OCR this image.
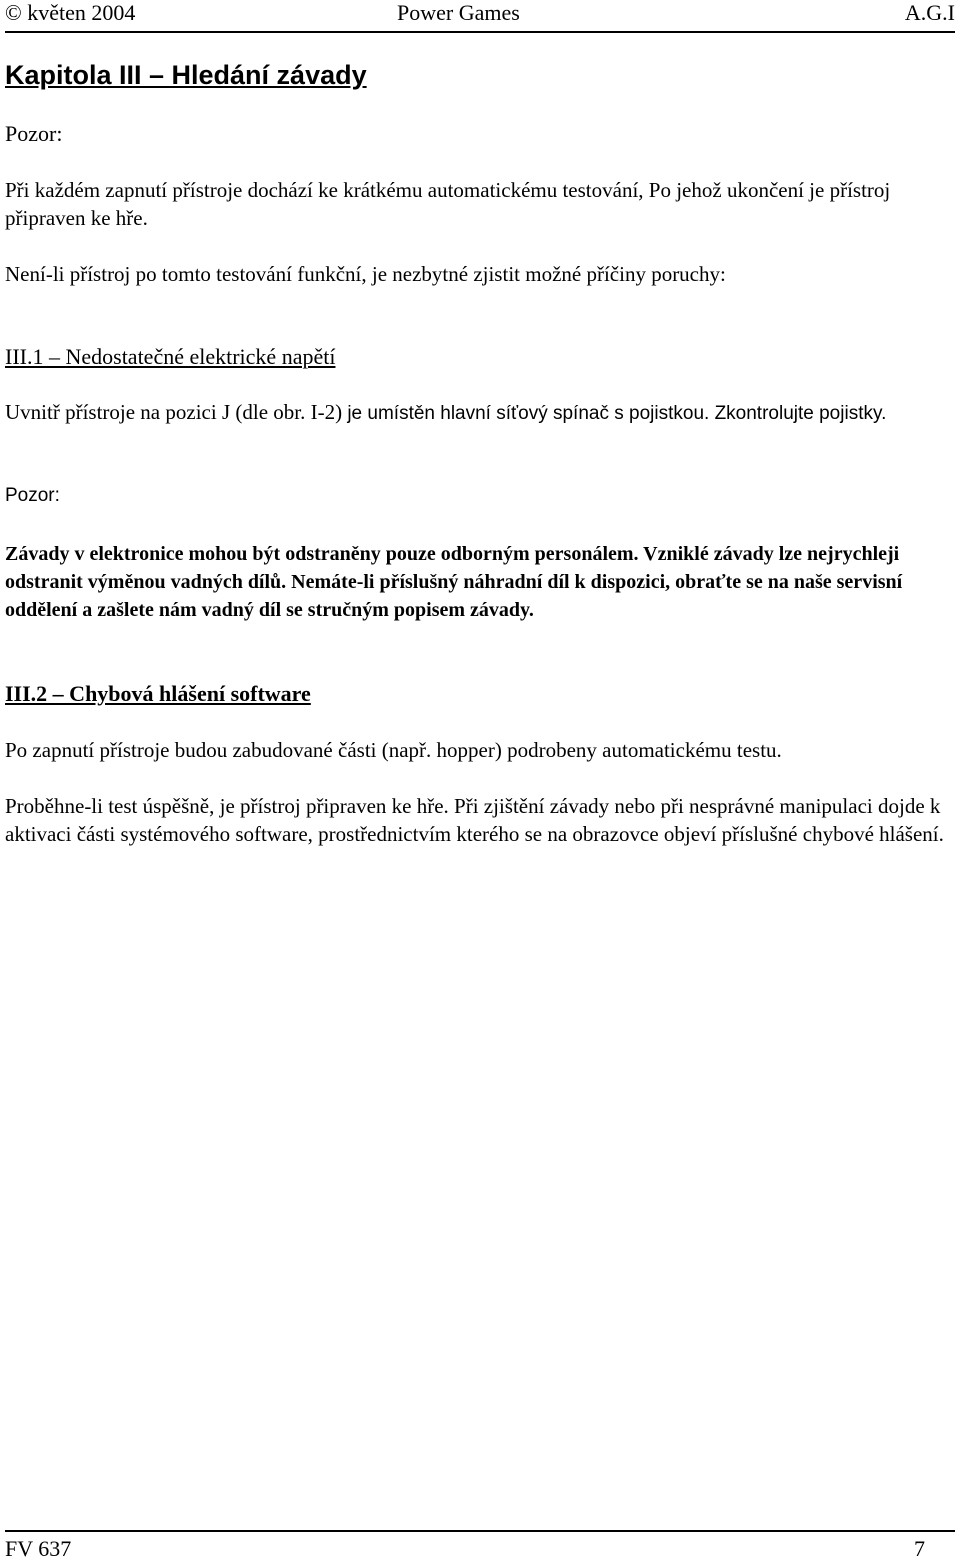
© květen 2004	Power Games	A.G.I
Kapitola III – Hledání závady

Pozor:

Při každém zapnutí přístroje dochází ke krátkému automatickému testování, Po jehož ukončení je přístroj připraven ke hře.

Není-li přístroj po tomto testování funkční, je nezbytné zjistit možné příčiny poruchy:

III.1 – Nedostatečné elektrické napětí

Uvnitř přístroje na pozici J (dle obr. I-2) je umístěn hlavní síťový spínač s pojistkou. Zkontrolujte pojistky.

Pozor:

Závady v elektronice mohou být odstraněny pouze odborným personálem. Vzniklé závady lze nejrychleji odstranit výměnou vadných dílů. Nemáte-li příslušný náhradní díl k dispozici, obraťte se na naše servisní oddělení a zašlete nám vadný díl se stručným popisem závady.

III.2 – Chybová hlášení software

Po zapnutí přístroje budou zabudované části (např. hopper) podrobeny automatickému testu.

Proběhne-li test úspěšně, je přístroj připraven ke hře. Při zjištění závady nebo při nesprávné manipulaci dojde k aktivaci části systémového software, prostřednictvím kterého se na obrazovce objeví příslušné chybové hlášení.

FV 637	7
